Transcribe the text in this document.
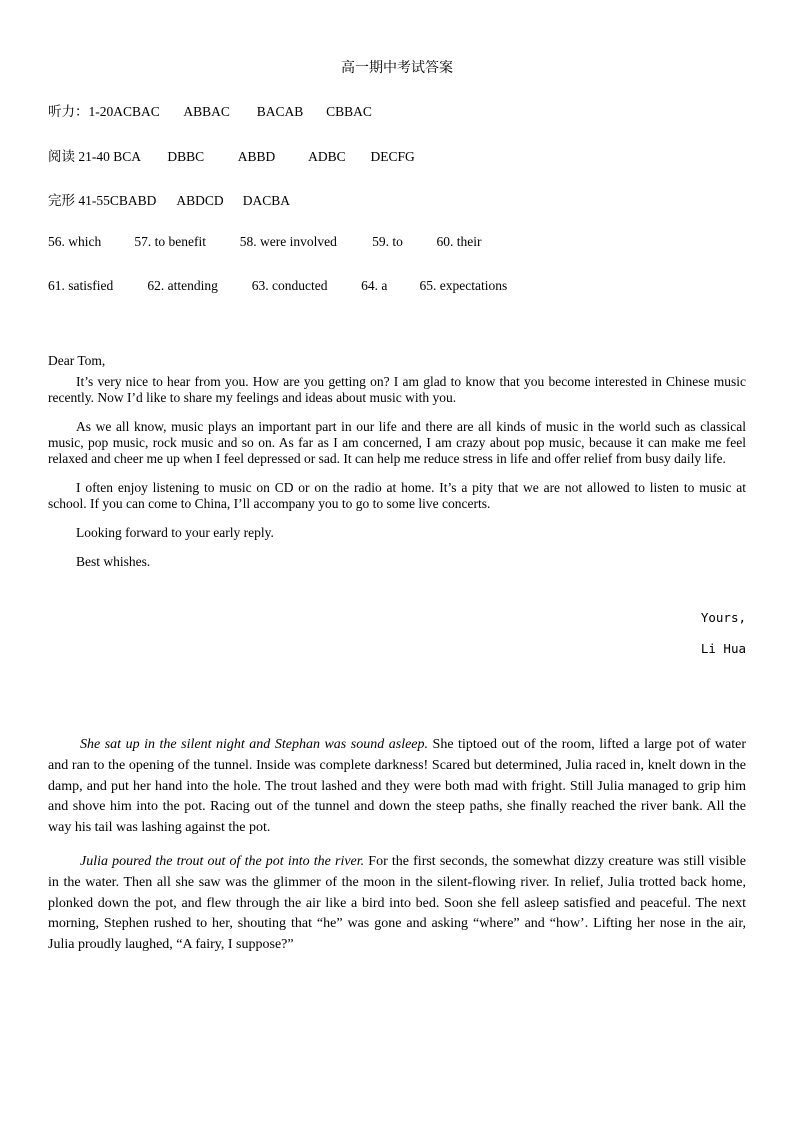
高一期中考试答案
听力：1-20ACBAC ABBAC BACAB CBBAC
阅读 21-40 BCA DBBC ABBD ADBC DECFG
完形 41-55CBABD ABDCD DACBA
56. which 57. to benefit	58. were involved	59. to 60. their
61. satisfied	62. attending	63. conducted 64. a 65. expectations

Dear Tom,

It’s very nice to hear from you. How are you getting on? I am glad to know that you become interested in Chinese music recently. Now I’d like to share my feelings and ideas about music with you.

As we all know, music plays an important part in our life and there are all kinds of music in the world such as classical music, pop music, rock music and so on. As far as I am concerned, I am crazy about pop music, because it can make me feel relaxed and cheer me up when I feel depressed or sad. It can help me reduce stress in life and offer relief from busy daily life.

I often enjoy listening to music on CD or on the radio at home. It’s a pity that we are not allowed to listen to music at school. If you can come to China, I’ll accompany you to go to some live concerts.

Looking forward to your early reply.

Best whishes.

Yours,
Li Hua

She sat up in the silent night and Stephan was sound asleep. She tiptoed out of the room, lifted a large pot of water and ran to the opening of the tunnel. Inside was complete darkness! Scared but determined, Julia raced in, knelt down in the damp, and put her hand into the hole. The trout lashed and they were both mad with fright. Still Julia managed to grip him and shove him into the pot. Racing out of the tunnel and down the steep paths, she finally reached the river bank. All the way his tail was lashing against the pot.

Julia poured the trout out of the pot into the river. For the first seconds, the somewhat dizzy creature was still visible in the water. Then all she saw was the glimmer of the moon in the silent-flowing river. In relief, Julia trotted back home, plonked down the pot, and flew through the air like a bird into bed. Soon she fell asleep satisfied and peaceful. The next morning, Stephen rushed to her, shouting that “he” was gone and asking “where” and “how’. Lifting her nose in the air, Julia proudly laughed, “A fairy, I suppose?”
